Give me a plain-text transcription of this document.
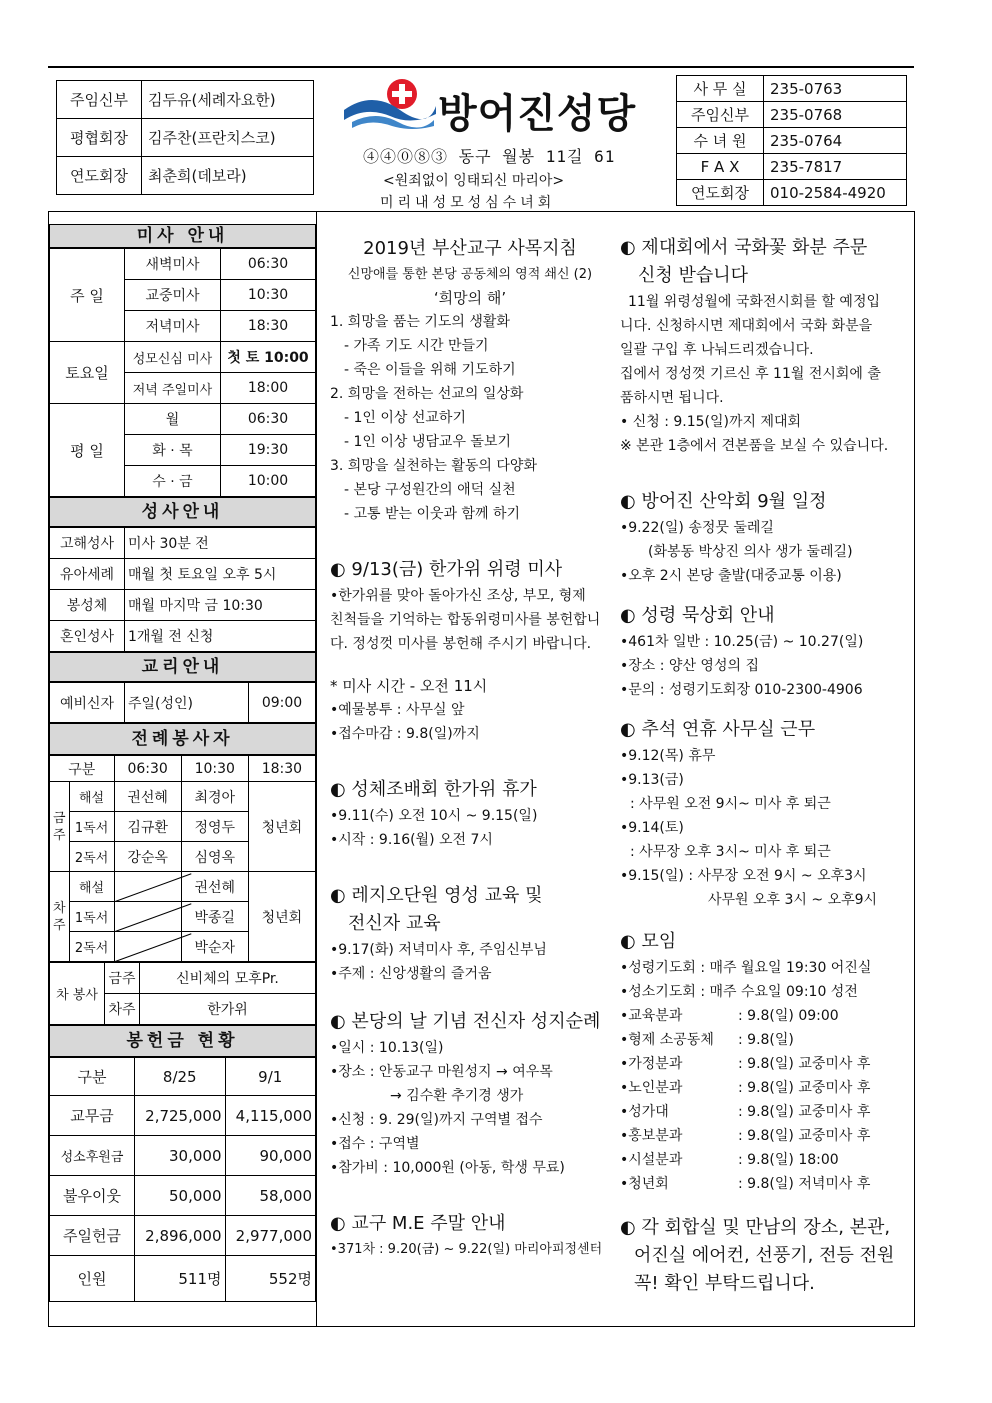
주임신부	김두유(세례자요한)
평협회장	김주찬(프란치스코)
연도회장	최춘희(데보라)
방어진성당
④④⓪⑧③ 동구 월봉 11길 61
<원죄없이 잉태되신 마리아>
미리내성모성심수녀회
사 무 실	235-0763
주임신부	235-0768
수 녀 원	235-0764
F A X	235-7817
연도회장	010-2584-4920
미사 안내
주 일	새벽미사	06:30
	교중미사	10:30
	저녁미사	18:30
토요일	성모신심 미사	첫 토 10:00
	저녁 주일미사	18:00
평 일	월	06:30
	화 · 목	19:30
	수 · 금	10:00
성사안내
고해성사	미사 30분 전
유아세례	매월 첫 토요일 오후 5시
봉성체	매월 마지막 금 10:30
혼인성사	1개월 전 신청
교리안내
예비신자	주일(성인)	09:00
전례봉사자
구분		06:30	10:30	18:30
금주	해설	권선혜	최경아	청년회
	1독서	김규환	정영두	
	2독서	강순옥	심영옥	
차주	해설		권선혜	청년회
	1독서		박종길	
	2독서		박순자	
차 봉사	금주	신비체의 모후Pr.
	차주	한가위
봉헌금 현황
구분	8/25	9/1
교무금	2,725,000	4,115,000
성소후원금	30,000	90,000
불우이웃	50,000	58,000
주일헌금	2,896,000	2,977,000
인원	511명	552명

2019년 부산교구 사목지침

신망애를 통한 본당 공동체의 영적 쇄신 (2)

‘희망의 해’

1. 희망을 품는 기도의 생활화

- 가족 기도 시간 만들기

- 죽은 이들을 위해 기도하기

2. 희망을 전하는 선교의 일상화

- 1인 이상 선교하기

- 1인 이상 냉담교우 돌보기

3. 희망을 실천하는 활동의 다양화

- 본당 구성원간의 애덕 실천

- 고통 받는 이웃과 함께 하기

◐ 9/13(금) 한가위 위령 미사

•한가위를 맞아 돌아가신 조상, 부모, 형제

친척들을 기억하는 합동위령미사를 봉헌합니

다. 정성껏 미사를 봉헌해 주시기 바랍니다.

* 미사 시간 - 오전 11시

•예물봉투 : 사무실 앞

•접수마감 : 9.8(일)까지

◐ 성체조배회 한가위 휴가

•9.11(수) 오전 10시 ~ 9.15(일)

•시작 : 9.16(월) 오전 7시

◐ 레지오단원 영성 교육 및

전신자 교육

•9.17(화) 저녁미사 후, 주임신부님

•주제 : 신앙생활의 즐거움

◐ 본당의 날 기념 전신자 성지순례

•일시 : 10.13(일)

•장소 : 안동교구 마원성지 → 여우목

→ 김수환 추기경 생가

•신청 : 9. 29(일)까지 구역별 접수

•접수 : 구역별

•참가비 : 10,000원 (아동, 학생 무료)

◐ 교구 M.E 주말 안내

•371차 : 9.20(금) ~ 9.22(일) 마리아피정센터

◐ 제대회에서 국화꽃 화분 주문

신청 받습니다

11월 위령성월에 국화전시회를 할 예정입

니다. 신청하시면 제대회에서 국화 화분을

일괄 구입 후 나눠드리겠습니다.

집에서 정성껏 기르신 후 11월 전시회에 출

품하시면 됩니다.

• 신청 : 9.15(일)까지 제대회

※ 본관 1층에서 견본품을 보실 수 있습니다.

◐ 방어진 산악회 9월 일정

•9.22(일) 송정뭇 둘레길

(화봉동 박상진 의사 생가 둘레길)

•오후 2시 본당 출발(대중교통 이용)

◐ 성령 묵상회 안내

•461차 일반 : 10.25(금) ~ 10.27(일)

•장소 : 양산 영성의 집

•문의 : 성령기도회장 010-2300-4906

◐ 추석 연휴 사무실 근무

•9.12(목) 휴무

•9.13(금)

: 사무원 오전 9시~ 미사 후 퇴근

•9.14(토)

: 사무장 오후 3시~ 미사 후 퇴근

•9.15(일) : 사무장 오전 9시 ~ 오후3시

사무원 오후 3시 ~ 오후9시

◐ 모임

•성령기도회 : 매주 월요일 19:30 어진실
•성소기도회 : 매주 수요일 09:10 성전
•교육분과	: 9.8(일) 09:00
•형제 소공동체	: 9.8(일)
•가정분과	: 9.8(일) 교중미사 후
•노인분과	: 9.8(일) 교중미사 후
•성가대	: 9.8(일) 교중미사 후
•홍보분과	: 9.8(일) 교중미사 후
•시설분과	: 9.8(일) 18:00
•청년회	: 9.8(일) 저녁미사 후

◐ 각 회합실 및 만남의 장소, 본관,

어진실 에어컨, 선풍기, 전등 전원

꼭! 확인 부탁드립니다.
